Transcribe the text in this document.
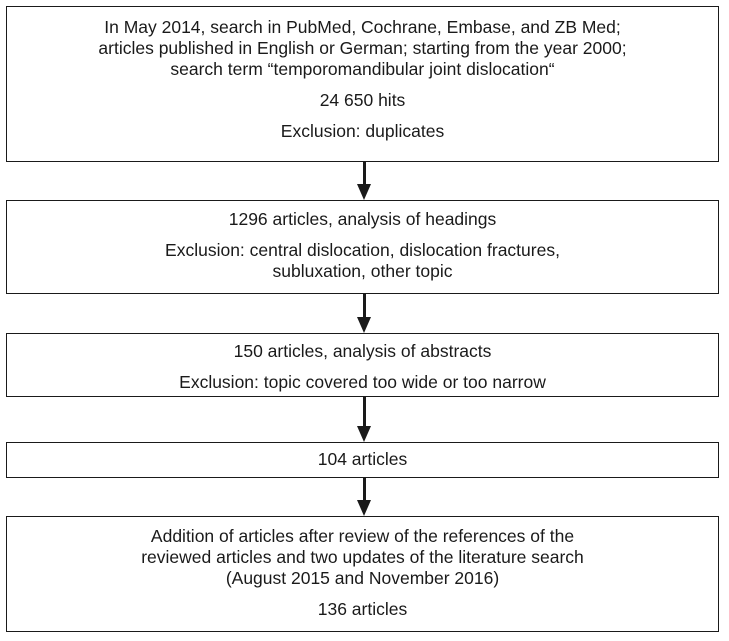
In May 2014, search in PubMed, Cochrane, Embase, and ZB Med;
articles published in English or German; starting from the year 2000;
search term “temporomandibular joint dislocation“
24 650 hits
Exclusion: duplicates
1296 articles, analysis of headings
Exclusion: central dislocation, dislocation fractures,
subluxation, other topic
150 articles, analysis of abstracts
Exclusion: topic covered too wide or too narrow
104 articles
Addition of articles after review of the references of the
reviewed articles and two updates of the literature search
(August 2015 and November 2016)
136 articles
